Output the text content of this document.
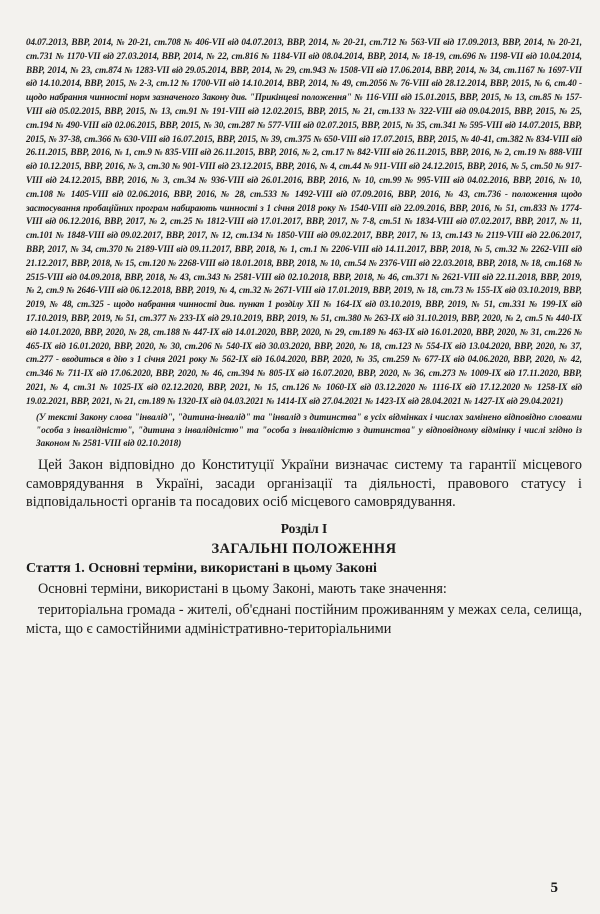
04.07.2013, ВВР, 2014, № 20-21, ст.708 № 406-VII від 04.07.2013, ВВР, 2014, № 20-21, ст.712 № 563-VII від 17.09.2013, ВВР, 2014, № 20-21, ст.731 № 1170-VII від 27.03.2014, ВВР, 2014, № 22, ст.816 № 1184-VII від 08.04.2014, ВВР, 2014, № 18-19, ст.696 № 1198-VII від 10.04.2014, ВВР, 2014, № 23, ст.874 № 1283-VII від 29.05.2014, ВВР, 2014, № 29, ст.943 № 1508-VII від 17.06.2014, ВВР, 2014, № 34, ст.1167 № 1697-VII від 14.10.2014, ВВР, 2015, № 2-3, ст.12 № 1700-VII від 14.10.2014, ВВР, 2014, № 49, ст.2056 № 76-VIII від 28.12.2014, ВВР, 2015, № 6, ст.40 - щодо набрання чинності норм зазначеного Закону див. "Прикінцеві положення" № 116-VIII від 15.01.2015, ВВР, 2015, № 13, ст.85 № 157-VIII від 05.02.2015, ВВР, 2015, № 13, ст.91 № 191-VIII від 12.02.2015, ВВР, 2015, № 21, ст.133 № 322-VIII від 09.04.2015, ВВР, 2015, № 25, ст.194 № 490-VIII від 02.06.2015, ВВР, 2015, № 30, ст.287 № 577-VIII від 02.07.2015, ВВР, 2015, № 35, ст.341 № 595-VIII від 14.07.2015, ВВР, 2015, № 37-38, ст.366 № 630-VIII від 16.07.2015, ВВР, 2015, № 39, ст.375 № 650-VIII від 17.07.2015, ВВР, 2015, № 40-41, ст.382 № 834-VIII від 26.11.2015, ВВР, 2016, № 1, ст.9 № 835-VIII від 26.11.2015, ВВР, 2016, № 2, ст.17 № 842-VIII від 26.11.2015, ВВР, 2016, № 2, ст.19 № 888-VIII від 10.12.2015, ВВР, 2016, № 3, ст.30 № 901-VIII від 23.12.2015, ВВР, 2016, № 4, ст.44 № 911-VIII від 24.12.2015, ВВР, 2016, № 5, ст.50 № 917-VIII від 24.12.2015, ВВР, 2016, № 3, ст.34 № 936-VIII від 26.01.2016, ВВР, 2016, № 10, ст.99 № 995-VIII від 04.02.2016, ВВР, 2016, № 10, ст.108 № 1405-VIII від 02.06.2016, ВВР, 2016, № 28, ст.533 № 1492-VIII від 07.09.2016, ВВР, 2016, № 43, ст.736 - положення щодо застосування пробаційних програм набирають чинності з 1 січня 2018 року № 1540-VIII від 22.09.2016, ВВР, 2016, № 51, ст.833 № 1774-VIII від 06.12.2016, ВВР, 2017, № 2, ст.25 № 1812-VIII від 17.01.2017, ВВР, 2017, № 7-8, ст.51 № 1834-VIII від 07.02.2017, ВВР, 2017, № 11, ст.101 № 1848-VIII від 09.02.2017, ВВР, 2017, № 12, ст.134 № 1850-VIII від 09.02.2017, ВВР, 2017, № 13, ст.143 № 2119-VIII від 22.06.2017, ВВР, 2017, № 34, ст.370 № 2189-VIII від 09.11.2017, ВВР, 2018, № 1, ст.1 № 2206-VIII від 14.11.2017, ВВР, 2018, № 5, ст.32 № 2262-VIII від 21.12.2017, ВВР, 2018, № 15, ст.120 № 2268-VIII від 18.01.2018, ВВР, 2018, № 10, ст.54 № 2376-VIII від 22.03.2018, ВВР, 2018, № 18, ст.168 № 2515-VIII від 04.09.2018, ВВР, 2018, № 43, ст.343 № 2581-VIII від 02.10.2018, ВВР, 2018, № 46, ст.371 № 2621-VIII від 22.11.2018, ВВР, 2019, № 2, ст.9 № 2646-VIII від 06.12.2018, ВВР, 2019, № 4, ст.32 № 2671-VIII від 17.01.2019, ВВР, 2019, № 18, ст.73 № 155-IX від 03.10.2019, ВВР, 2019, № 48, ст.325 - щодо набрання чинності див. пункт 1 розділу XII № 164-IX від 03.10.2019, ВВР, 2019, № 51, ст.331 № 199-IX від 17.10.2019, ВВР, 2019, № 51, ст.377 № 233-IX від 29.10.2019, ВВР, 2019, № 51, ст.380 № 263-IX від 31.10.2019, ВВР, 2020, № 2, ст.5 № 440-IX від 14.01.2020, ВВР, 2020, № 28, ст.188 № 447-IX від 14.01.2020, ВВР, 2020, № 29, ст.189 № 463-IX від 16.01.2020, ВВР, 2020, № 31, ст.226 № 465-IX від 16.01.2020, ВВР, 2020, № 30, ст.206 № 540-IX від 30.03.2020, ВВР, 2020, № 18, ст.123 № 554-IX від 13.04.2020, ВВР, 2020, № 37, ст.277 - вводиться в дію з 1 січня 2021 року № 562-IX від 16.04.2020, ВВР, 2020, № 35, ст.259 № 677-IX від 04.06.2020, ВВР, 2020, № 42, ст.346 № 711-IX від 17.06.2020, ВВР, 2020, № 46, ст.394 № 805-IX від 16.07.2020, ВВР, 2020, № 36, ст.273 № 1009-IX від 17.11.2020, ВВР, 2021, № 4, ст.31 № 1025-IX від 02.12.2020, ВВР, 2021, № 15, ст.126 № 1060-IX від 03.12.2020 № 1116-IX від 17.12.2020 № 1258-IX від 19.02.2021, ВВР, 2021, № 21, ст.189 № 1320-IX від 04.03.2021 № 1414-IX від 27.04.2021 № 1423-IX від 28.04.2021 № 1427-IX від 29.04.2021)

(У тексті Закону слова "інвалід", "дитина-інвалід" та "інвалід з дитинства" в усіх відмінках і числах замінено відповідно словами "особа з інвалідністю", "дитина з інвалідністю" та "особа з інвалідністю з дитинства" у відповідному відмінку і числі згідно із Законом № 2581-VIII від 02.10.2018)

Цей Закон відповідно до Конституції України визначає систему та гарантії місцевого самоврядування в Україні, засади організації та діяльності, правового статусу і відповідальності органів та посадових осіб місцевого самоврядування.

Розділ I
ЗАГАЛЬНІ ПОЛОЖЕННЯ
Стаття 1. Основні терміни, використані в цьому Законі

Основні терміни, використані в цьому Законі, мають таке значення:

територіальна громада - жителі, об'єднані постійним проживанням у межах села, селища, міста, що є самостійними адміністративно-територіальними

5
